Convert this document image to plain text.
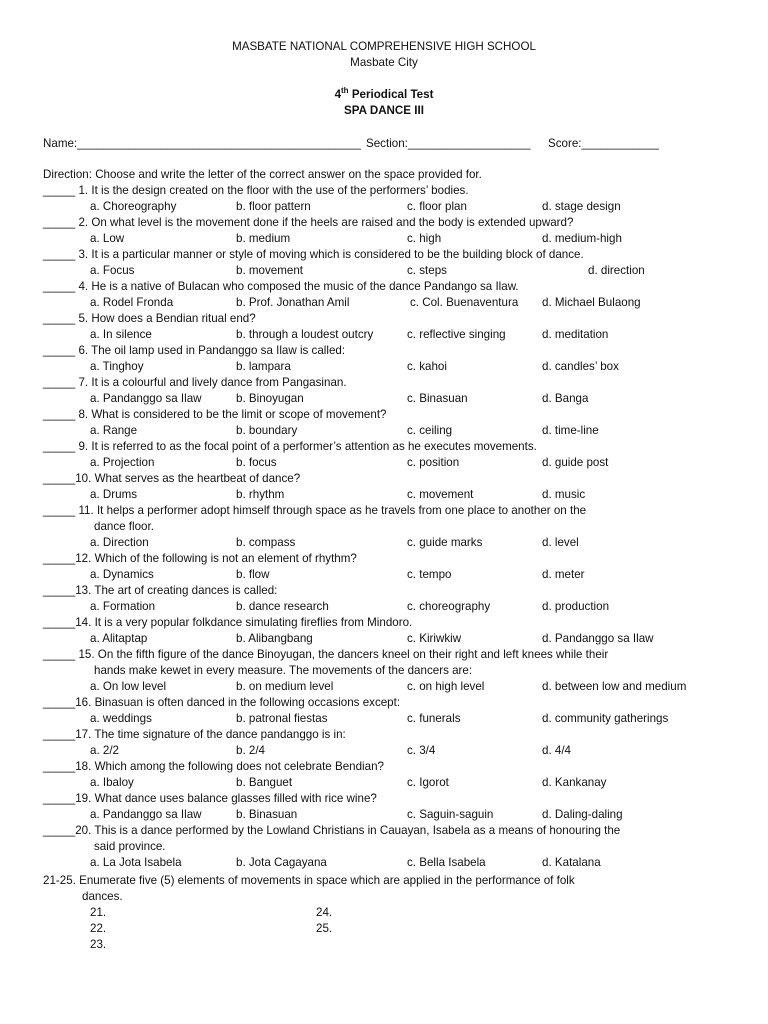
MASBATE NATIONAL COMPREHENSIVE HIGH SCHOOL
Masbate City
4th Periodical Test
SPA DANCE III
Name:____________________________________________ Section:___________________ Score:____________
Direction: Choose and write the letter of the correct answer on the space provided for.
_____ 1. It is the design created on the floor with the use of the performers’ bodies.
a. Choreography	b. floor pattern	c. floor plan	d. stage design
_____ 2. On what level is the movement done if the heels are raised and the body is extended upward?
a. Low	b. medium	c. high	d. medium-high
_____ 3. It is a particular manner or style of moving which is considered to be the building block of dance.
a. Focus	b. movement	c. steps	d. direction
_____ 4. He is a native of Bulacan who composed the music of the dance Pandango sa Ilaw.
a. Rodel Fronda	b. Prof. Jonathan Amil	c. Col. Buenaventura d. Michael Bulaong
_____ 5. How does a Bendian ritual end?
a. In silence	b. through a loudest outcry	c. reflective singing	d. meditation
_____ 6. The oil lamp used in Pandanggo sa Ilaw is called:
a. Tinghoy	b. lampara	c. kahoi	d. candles’ box
_____ 7. It is a colourful and lively dance from Pangasinan.
a. Pandanggo sa Ilaw	b. Binoyugan	c. Binasuan	d. Banga
_____ 8. What is considered to be the limit or scope of movement?
a. Range	b. boundary	c. ceiling	d. time-line
_____ 9. It is referred to as the focal point of a performer’s attention as he executes movements.
a. Projection	b. focus	c. position	d. guide post
_____10. What serves as the heartbeat of dance?
a. Drums	b. rhythm	c. movement	d. music
_____ 11. It helps a performer adopt himself through space as he travels from one place to another on the
dance floor.
a. Direction	b. compass	c. guide marks	d. level
_____12. Which of the following is not an element of rhythm?
a. Dynamics	b. flow	c. tempo	d. meter
_____13. The art of creating dances is called:
a. Formation	b. dance research	c. choreography	d. production
_____14. It is a very popular folkdance simulating fireflies from Mindoro.
a. Alitaptap	b. Alibangbang	c. Kiriwkiw	d. Pandanggo sa Ilaw
_____ 15. On the fifth figure of the dance Binoyugan, the dancers kneel on their right and left knees while their
hands make kewet in every measure. The movements of the dancers are:
a. On low level	b. on medium level	c. on high level	d. between low and medium
_____16. Binasuan is often danced in the following occasions except:
a. weddings	b. patronal fiestas	c. funerals	d. community gatherings
_____17. The time signature of the dance pandanggo is in:
a. 2/2	b. 2/4	c. 3/4	d. 4/4
_____18. Which among the following does not celebrate Bendian?
a. Ibaloy	b. Banguet	c. Igorot	d. Kankanay
_____19. What dance uses balance glasses filled with rice wine?
a. Pandanggo sa Ilaw	b. Binasuan	c. Saguin-saguin	d. Daling-daling
_____20. This is a dance performed by the Lowland Christians in Cauayan, Isabela as a means of honouring the
said province.
a. La Jota Isabela	b. Jota Cagayana	c. Bella Isabela	d. Katalana
21-25. Enumerate five (5) elements of movements in space which are applied in the performance of folk
dances.
21.
22.
23.
24.
25.
